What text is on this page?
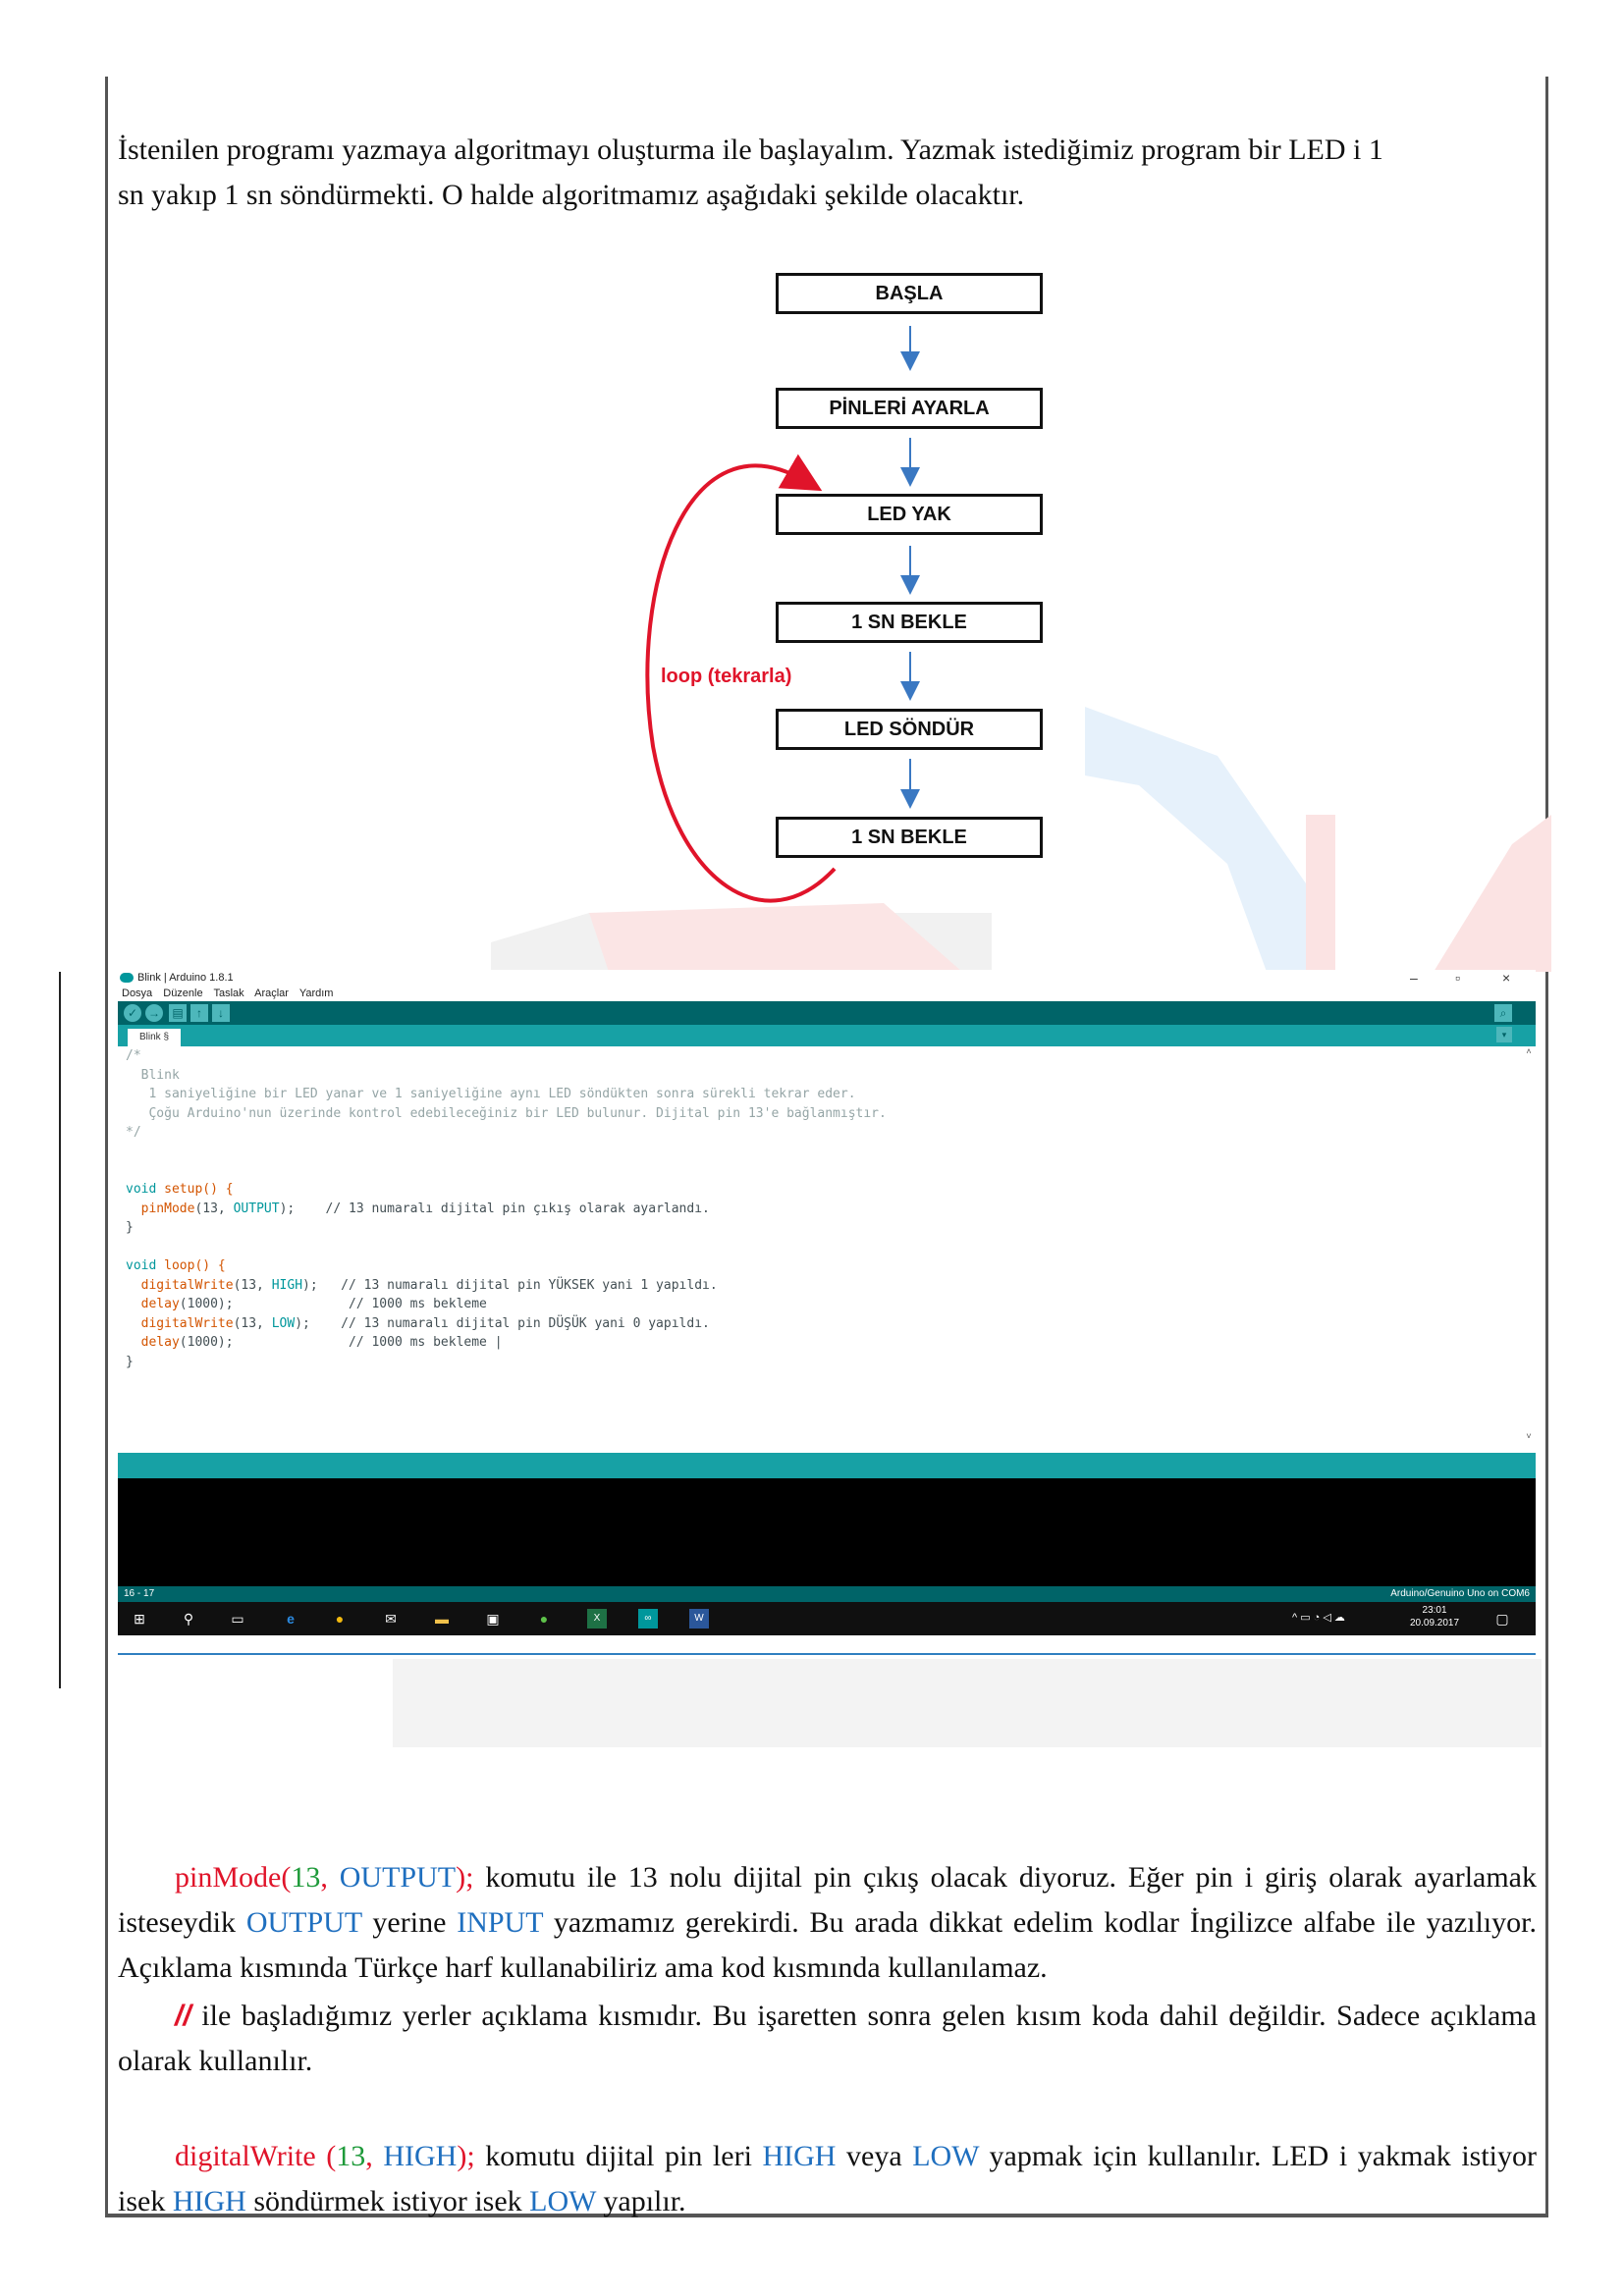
İstenilen programı yazmaya algoritmayı oluşturma ile başlayalım. Yazmak istediğimiz program bir LED i 1
sn yakıp 1 sn söndürmekti. O halde algoritmamız aşağıdaki şekilde olacaktır.
BAŞLA
PİNLERİ AYARLA
LED YAK
1 SN BEKLE
LED SÖNDÜR
1 SN BEKLE
loop (tekrarla)
Blink | Arduino 1.8.1	–	▫	×
Dosya Düzenle Taslak Araçlar Yardım
✓ → ▤	↑	↓	⌕
Blink §	▾
/*
Blink
1 saniyeliğine bir LED yanar ve 1 saniyeliğine aynı LED söndükten sonra sürekli tekrar eder.
Çoğu Arduino'nun üzerinde kontrol edebileceğiniz bir LED bulunur. Dijital pin 13'e bağlanmıştır.
*/
void setup() {
pinMode(13, OUTPUT);    // 13 numaralı dijital pin çıkış olarak ayarlandı.
}
void loop() {
digitalWrite(13, HIGH);   // 13 numaralı dijital pin YÜKSEK yani 1 yapıldı.
delay(1000);               // 1000 ms bekleme
digitalWrite(13, LOW);    // 13 numaralı dijital pin DÜŞÜK yani 0 yapıldı.
delay(1000);               // 1000 ms bekleme |
}
˄
˅
16 - 17	Arduino/Genuino Uno on COM6
⊞	⚲	▭	e	●	✉	▬	▣	●	X	∞	W	^ ▭ ◔ ◁ ☁
23:01
20.09.2017	▢
pinMode(13, OUTPUT); komutu ile 13 nolu dijital pin çıkış olacak diyoruz. Eğer pin i giriş olarak ayarlamak isteseydik OUTPUT yerine INPUT yazmamız gerekirdi. Bu arada dikkat edelim kodlar İngilizce alfabe ile yazılıyor. Açıklama kısmında Türkçe harf kullanabiliriz ama kod kısmında kullanılamaz.
// ile başladığımız yerler açıklama kısmıdır. Bu işaretten sonra gelen kısım koda dahil değildir. Sadece açıklama olarak kullanılır.
digitalWrite (13, HIGH); komutu dijital pin leri HIGH veya LOW yapmak için kullanılır. LED i yakmak istiyor isek HIGH söndürmek istiyor isek LOW yapılır.
